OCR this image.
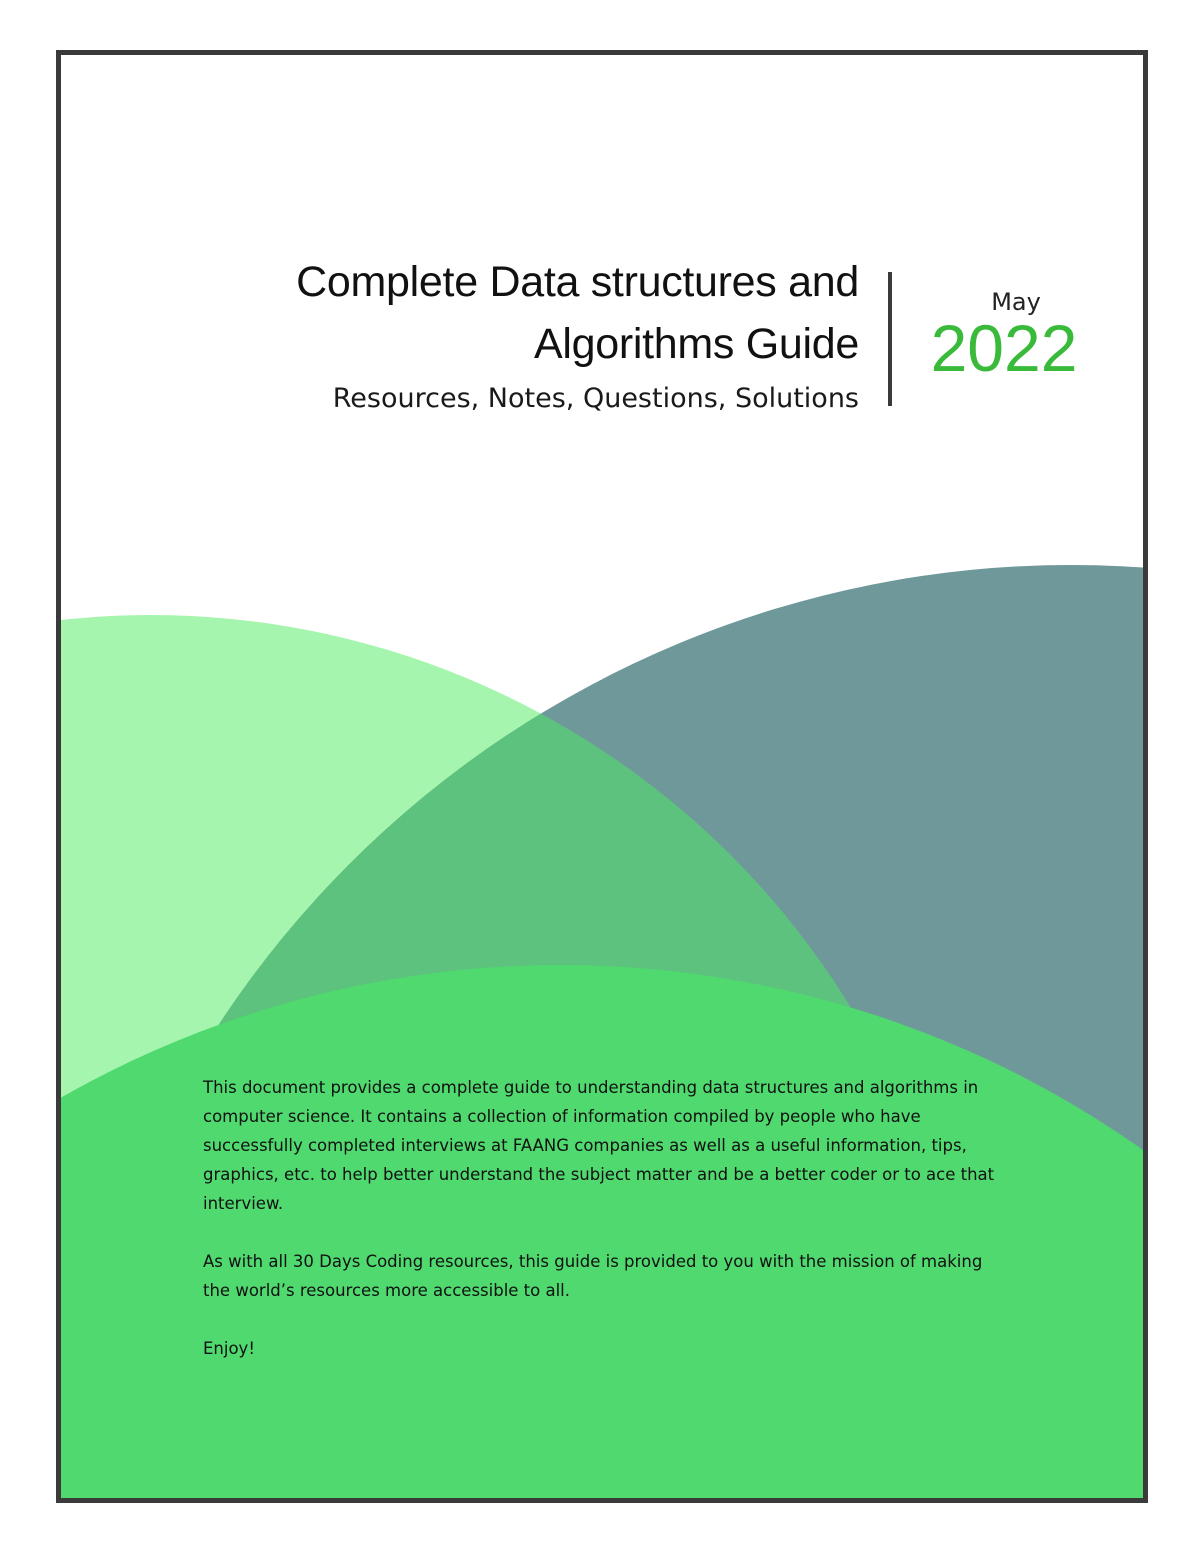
Complete Data structures and
Algorithms Guide
Resources, Notes, Questions, Solutions
May
2022

This document provides a complete guide to understanding data structures and algorithms in computer science. It contains a collection of information compiled by people who have successfully completed interviews at FAANG companies as well as a useful information, tips, graphics, etc. to help better understand the subject matter and be a better coder or to ace that interview.

As with all 30 Days Coding resources, this guide is provided to you with the mission of making the world’s resources more accessible to all.

Enjoy!
